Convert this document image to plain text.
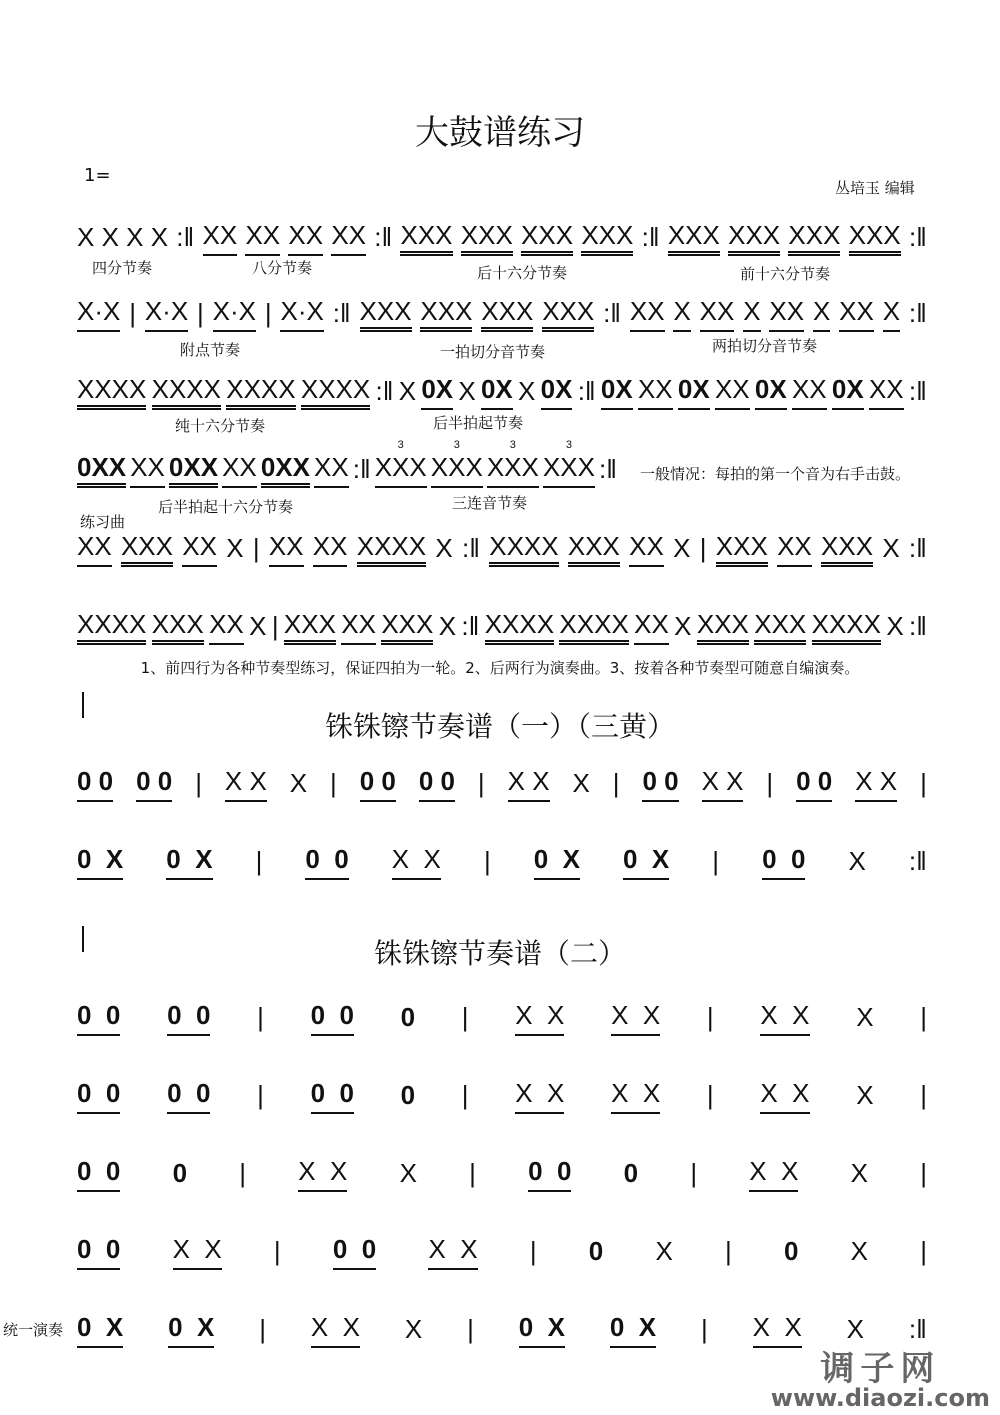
大鼓谱练习
1=
丛培玉 编辑
X X X X :‖ XX XX XX XX :‖ XXX XXX XXX XXX :‖ XXX XXX XXX XXX :‖
X·X | X·X | X·X | X·X :‖ XXX XXX XXX XXX :‖ XX X XX X XX X XX X :‖
XXXX XXXX XXXX XXXX :‖ X 0X X 0X X 0X :‖ 0X XX 0X XX 0X XX 0X XX :‖
0XX XX 0XX XX 0XX XX :‖ XXX
3
XXX
3
XXX
3
XXX
3
:‖
XX XXX XX X | XX XX XXXX X :‖ XXXX XXX XX X | XXX XX XXX X :‖
XXXX XXX XX X | XXX XX XXX X :‖ XXXX XXXX XX X XXX XXX XXXX X :‖
四分节奏	八分节奏	后十六分节奏	前十六分节奏
附点节奏	一拍切分音节奏	两拍切分音节奏
纯十六分节奏	后半拍起节奏
后半拍起十六分节奏	三连音节奏
练习曲
一般情况：每拍的第一个音为右手击鼓。
1、前四行为各种节奏型练习，保证四拍为一轮。2、后两行为演奏曲。3、按着各种节奏型可随意自编演奏。
铢铢镲节奏谱（一）（三黄）
铢铢镲节奏谱（二）
统一演奏
0 0 0 0 | X X X | 0 0 0 0 | X X X | 0 0 X X | 0 0 X X |
0  X 0  X | 0  0 X  X | 0  X 0  X | 0  0 X :‖
0  0 0  0 | 0  0 0 | X  X X  X | X  X X |
0  0 0  0 | 0  0 0 | X  X X  X | X  X X |
0  0 0 | X  X X | 0  0 0 | X  X X |
0  0 X  X | 0  0 X  X | 0 X | 0 X |
0  X 0  X | X  X X | 0  X 0  X | X  X X :‖
调子网
www.diaozi.com
